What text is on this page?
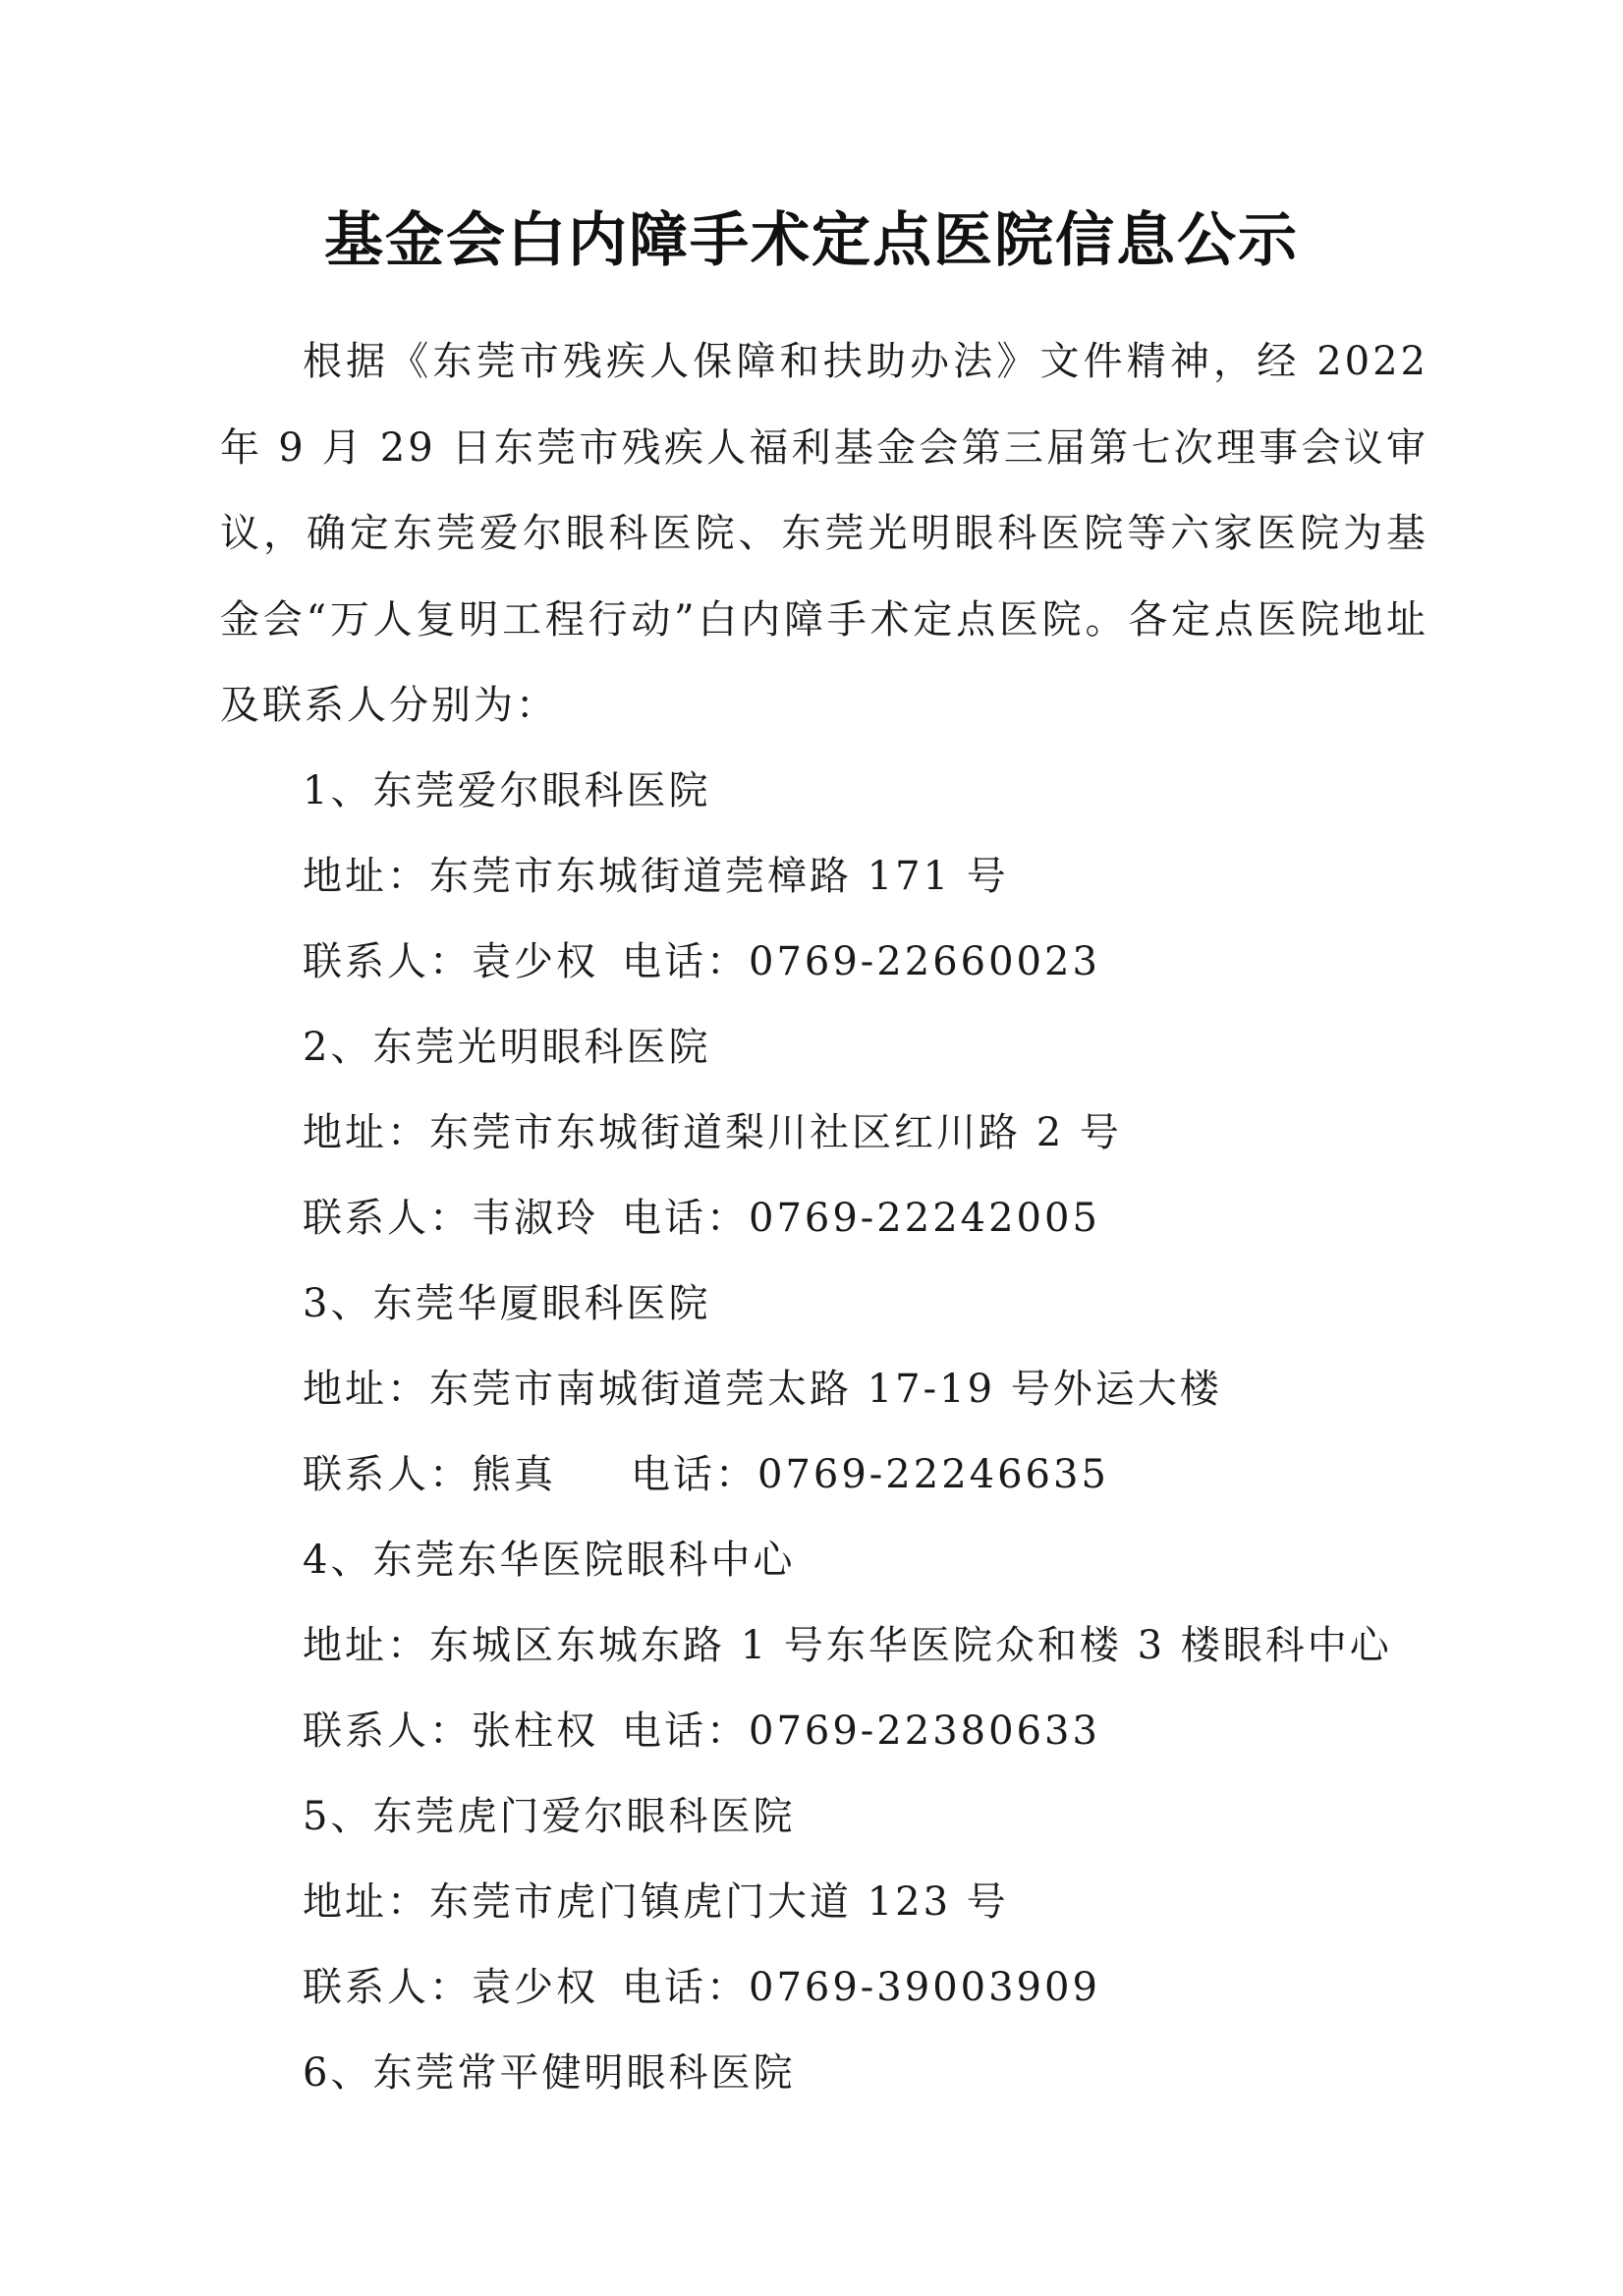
基金会白内障手术定点医院信息公示
根据《东莞市残疾人保障和扶助办法》文件精神，经 2022 年 9 月 29 日东莞市残疾人福利基金会第三届第七次理事会议审议，确定东莞爱尔眼科医院、东莞光明眼科医院等六家医院为基金会“万人复明工程行动”白内障手术定点医院。各定点医院地址及联系人分别为：
1、东莞爱尔眼科医院
地址：东莞市东城街道莞樟路 171 号
联系人：袁少权 电话：0769-22660023
2、东莞光明眼科医院
地址：东莞市东城街道梨川社区红川路 2 号
联系人：韦淑玲 电话：0769-22242005
3、东莞华厦眼科医院
地址：东莞市南城街道莞太路 17-19 号外运大楼
联系人：熊真 电话：0769-22246635
4、东莞东华医院眼科中心
地址：东城区东城东路 1 号东华医院众和楼 3 楼眼科中心
联系人：张柱权 电话：0769-22380633
5、东莞虎门爱尔眼科医院
地址：东莞市虎门镇虎门大道 123 号
联系人：袁少权 电话：0769-39003909
6、东莞常平健明眼科医院
